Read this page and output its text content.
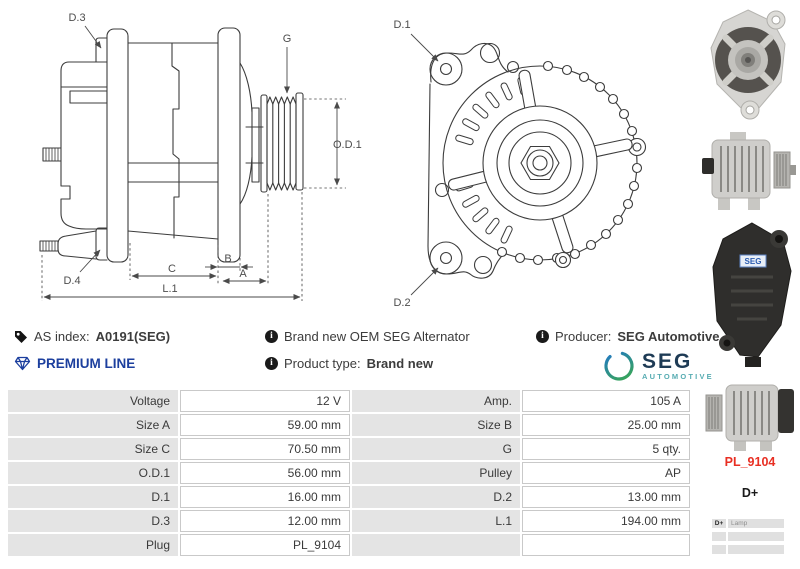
D.3
G
O.D.1
D.4
C
B
A
L.1
D.1
D.2
AS index: A0191(SEG)
PREMIUM LINE
i Brand new OEM SEG Alternator
i Product type: Brand new
i Producer: SEG Automotive
SEG
AUTOMOTIVE
Voltage	12 V	Amp.	105 A
Size A	59.00 mm	Size B	25.00 mm
Size C	70.50 mm	G	5 qty.
O.D.1	56.00 mm	Pulley	AP
D.1	16.00 mm	D.2	13.00 mm
D.3	12.00 mm	L.1	194.00 mm
Plug	PL_9104
SEG
PL_9104
D+
D+	Lamp
